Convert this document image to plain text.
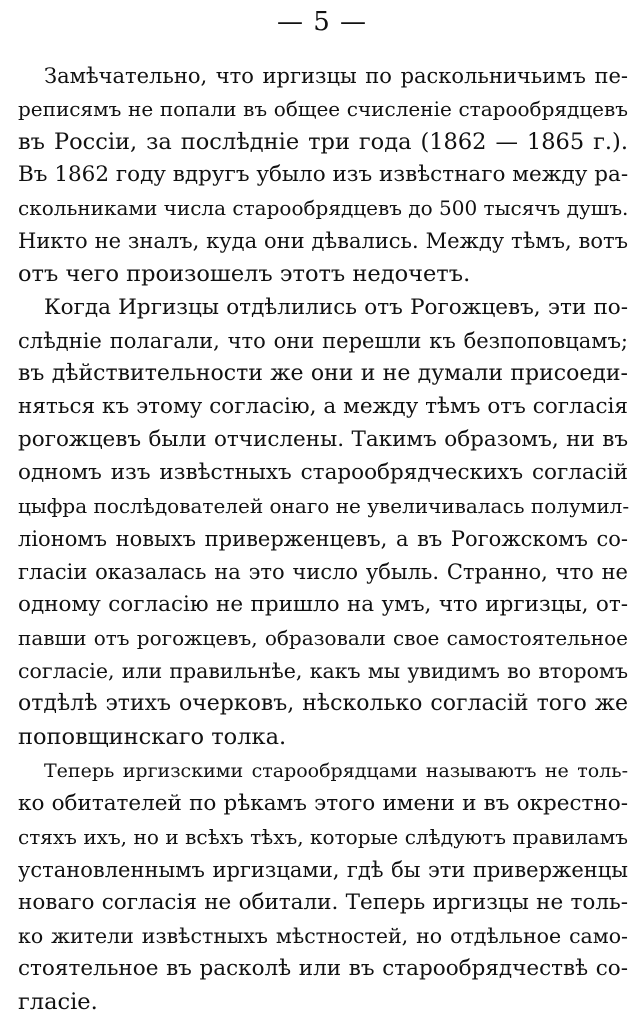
— 5 —
Замѣчательно, что иргизцы по раскольничьимъ пе-
реписямъ не попали въ общее счисленіе старообрядцевъ
въ Россіи, за послѣдніе три года (1862 — 1865 г.).
Въ 1862 году вдругъ убыло изъ извѣстнаго между ра-
скольниками числа старообрядцевъ до 500 тысячъ душъ.
Никто не зналъ, куда они дѣвались. Между тѣмъ, вотъ
отъ чего произошелъ этотъ недочетъ.
Когда Иргизцы отдѣлились отъ Рогожцевъ, эти по-
слѣдніе полагали, что они перешли къ безпоповцамъ;
въ дѣйствительности же они и не думали присоеди-
няться къ этому согласію, а между тѣмъ отъ согласія
рогожцевъ были отчислены. Такимъ образомъ, ни въ
одномъ изъ извѣстныхъ старообрядческихъ согласій
цыфра послѣдователей онаго не увеличивалась полумил-
ліономъ новыхъ приверженцевъ, а въ Рогожскомъ со-
гласіи оказалась на это число убыль. Странно, что не
одному согласію не пришло на умъ, что иргизцы, от-
павши отъ рогожцевъ, образовали свое самостоятельное
согласіе, или правильнѣе, какъ мы увидимъ во второмъ
отдѣлѣ этихъ очерковъ, нѣсколько согласій того же
поповщинскаго толка.
Теперь иргизскими старообрядцами называютъ не толь-
ко обитателей по рѣкамъ этого имени и въ окрестно-
стяхъ ихъ, но и всѣхъ тѣхъ, которые слѣдуютъ правиламъ
установленнымъ иргизцами, гдѣ бы эти приверженцы
новаго согласія не обитали. Теперь иргизцы не толь-
ко жители извѣстныхъ мѣстностей, но отдѣльное само-
стоятельное въ расколѣ или въ старообрядчествѣ со-
гласіе.
